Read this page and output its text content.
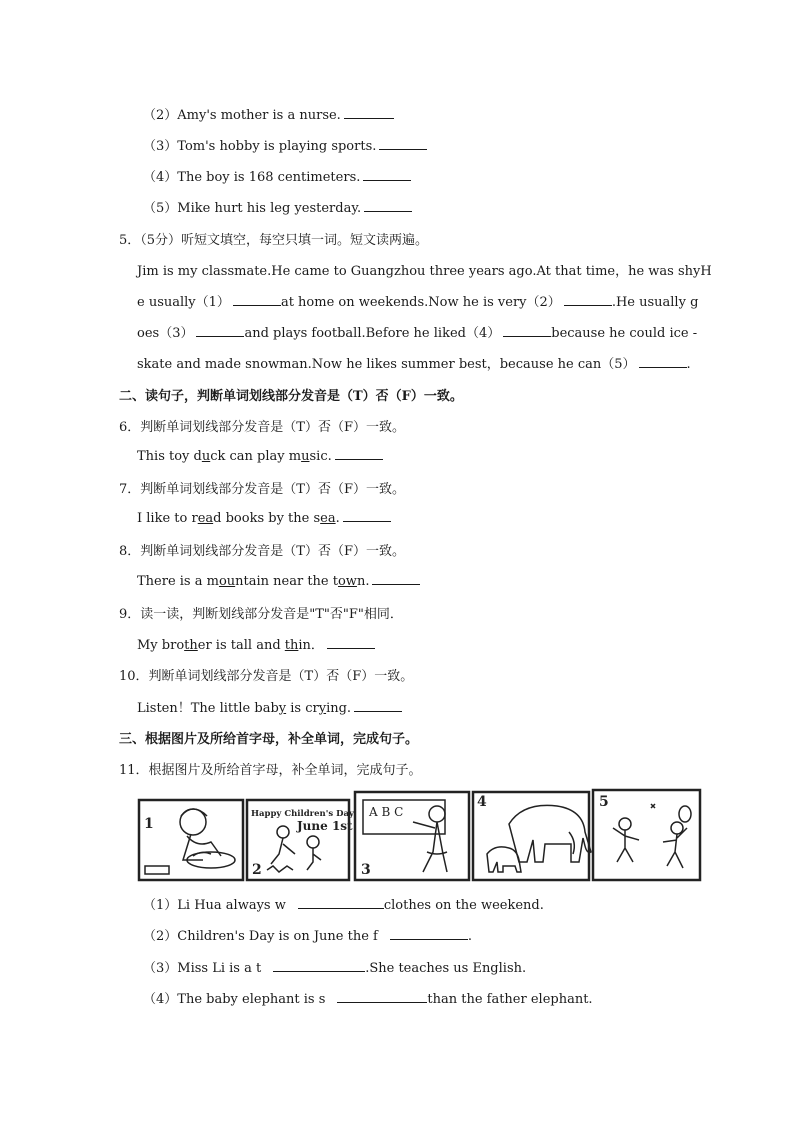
（2）Amy's mother is a nurse.
（3）Tom's hobby is playing sports.
（4）The boy is 168 centimeters.
（5）Mike hurt his leg yesterday.
5．（5分）听短文填空，每空只填一词。短文读两遍。
Jim is my classmate.He came to Guangzhou three years ago.At that time，he was shyH
e usually（1）	at home on weekends.Now he is very（2）	.He usually g
oes（3）	and plays football.Before he liked（4）	because he could ice -
skate and made snowman.Now he likes summer best，because he can（5）	.
二、读句子，判断单词划线部分发音是（T）否（F）一致。
6．判断单词划线部分发音是（T）否（F）一致。
This toy duck can play music.
7．判断单词划线部分发音是（T）否（F）一致。
I like to read books by the sea.
8．判断单词划线部分发音是（T）否（F）一致。
There is a mountain near the town.
9．读一读，判断划线部分发音是"T"否"F"相同．
My brother is tall and thin．
10．判断单词划线部分发音是（T）否（F）一致。
Listen！The little baby is crying.
三、根据图片及所给首字母，补全单词，完成句子。
11．根据图片及所给首字母，补全单词，完成句子。
1
Happy Children's Day
June 1st
2
A B C
3
4	5
（1）Li Hua always w	clothes on the weekend.
（2）Children's Day is on June the f	.
（3）Miss Li is a t	.She teaches us English.
（4）The baby elephant is s	than the father elephant.
